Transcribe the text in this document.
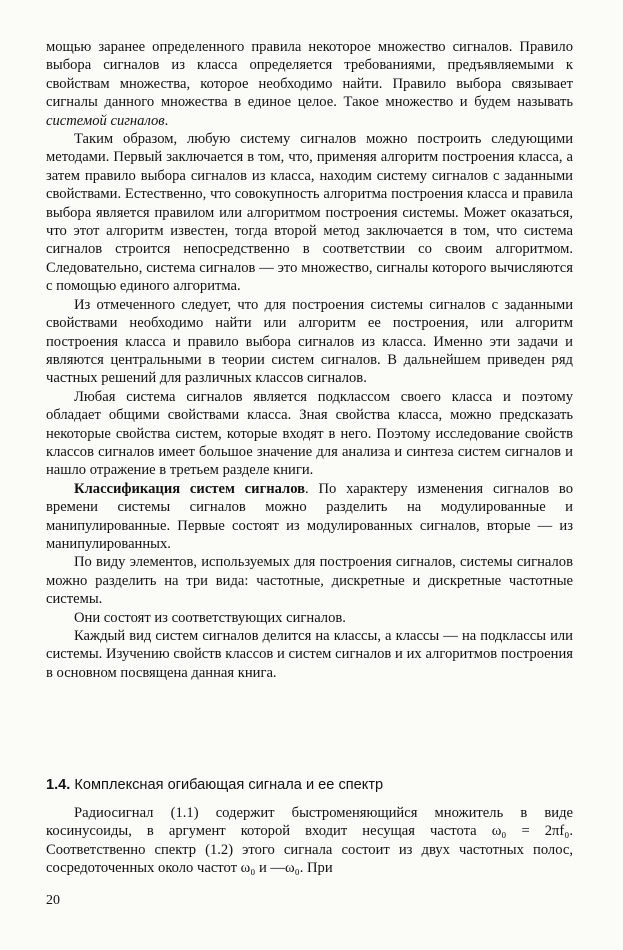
мощью заранее определенного правила некоторое множество сигналов. Правило выбора сигналов из класса определяется требованиями, предъявляемыми к свойствам множества, которое необходимо найти. Правило выбора связывает сигналы данного множества в единое целое. Такое множество и будем называть системой сигналов.

Таким образом, любую систему сигналов можно построить следующими методами. Первый заключается в том, что, применяя алгоритм построения класса, а затем правило выбора сигналов из класса, находим систему сигналов с заданными свойствами. Естественно, что совокупность алгоритма построения класса и правила выбора является правилом или алгоритмом построения системы. Может оказаться, что этот алгоритм известен, тогда второй метод заключается в том, что система сигналов строится непосредственно в соответствии со своим алгоритмом. Следовательно, система сигналов — это множество, сигналы которого вычисляются с помощью единого алгоритма.

Из отмеченного следует, что для построения системы сигналов с заданными свойствами необходимо найти или алгоритм ее построения, или алгоритм построения класса и правило выбора сигналов из класса. Именно эти задачи и являются центральными в теории систем сигналов. В дальнейшем приведен ряд частных решений для различных классов сигналов.

Любая система сигналов является подклассом своего класса и поэтому обладает общими свойствами класса. Зная свойства класса, можно предсказать некоторые свойства систем, которые входят в него. Поэтому исследование свойств классов сигналов имеет большое значение для анализа и синтеза систем сигналов и нашло отражение в третьем разделе книги.

Классификация систем сигналов. По характеру изменения сигналов во времени системы сигналов можно разделить на модулированные и манипулированные. Первые состоят из модулированных сигналов, вторые — из манипулированных.

По виду элементов, используемых для построения сигналов, системы сигналов можно разделить на три вида: частотные, дискретные и дискретные частотные системы.

Они состоят из соответствующих сигналов.

Каждый вид систем сигналов делится на классы, а классы — на подклассы или системы. Изучению свойств классов и систем сигналов и их алгоритмов построения в основном посвящена данная книга.

1.4. Комплексная огибающая сигнала и ее спектр

Радиосигнал (1.1) содержит быстроменяющийся множитель в виде косинусоиды, в аргумент которой входит несущая частота ω₀ = 2πf₀. Соответственно спектр (1.2) этого сигнала состоит из двух частотных полос, сосредоточенных около частот ω₀ и —ω₀. При

20
